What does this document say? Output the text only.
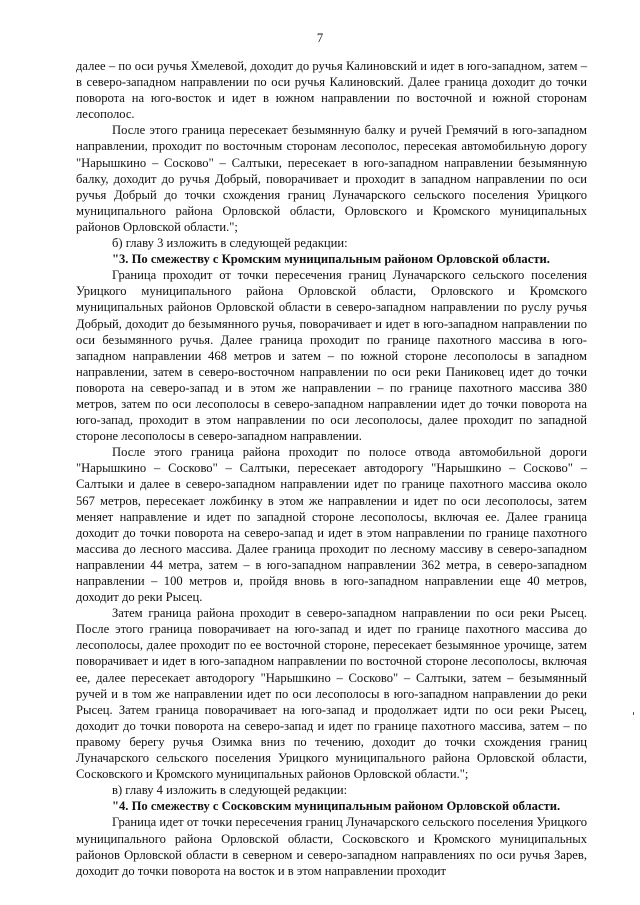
7

далее – по оси ручья Хмелевой, доходит до ручья Калиновский и идет в юго-западном, затем – в северо-западном направлении по оси ручья Калиновский. Далее граница доходит до точки поворота на юго-восток и идет в южном направлении по восточной и южной сторонам лесополос.

После этого граница пересекает безымянную балку и ручей Гремячий в юго-западном направлении, проходит по восточным сторонам лесополос, пересекая автомобильную дорогу "Нарышкино – Сосково" – Салтыки, пересекает в юго-западном направлении безымянную балку, доходит до ручья Добрый, поворачивает и проходит в западном направлении по оси ручья Добрый до точки схождения границ Луначарского сельского поселения Урицкого муниципального района Орловской области, Орловского и Кромского муниципальных районов Орловской области.";

б) главу 3 изложить в следующей редакции:

"3. По смежеству с Кромским муниципальным районом Орловской области.

Граница проходит от точки пересечения границ Луначарского сельского поселения Урицкого муниципального района Орловской области, Орловского и Кромского муниципальных районов Орловской области в северо-западном направлении по руслу ручья Добрый, доходит до безымянного ручья, поворачивает и идет в юго-западном направлении по оси безымянного ручья. Далее граница проходит по границе пахотного массива в юго-западном направлении 468 метров и затем – по южной стороне лесополосы в западном направлении, затем в северо-восточном направлении по оси реки Паниковец идет до точки поворота на северо-запад и в этом же направлении – по границе пахотного массива 380 метров, затем по оси лесополосы в северо-западном направлении идет до точки поворота на юго-запад, проходит в этом направлении по оси лесополосы, далее проходит по западной стороне лесополосы в северо-западном направлении.

После этого граница района проходит по полосе отвода автомобильной дороги "Нарышкино – Сосково" – Салтыки, пересекает автодорогу "Нарышкино – Сосково" – Салтыки и далее в северо-западном направлении идет по границе пахотного массива около 567 метров, пересекает ложбинку в этом же направлении и идет по оси лесополосы, затем меняет направление и идет по западной стороне лесополосы, включая ее. Далее граница доходит до точки поворота на северо-запад и идет в этом направлении по границе пахотного массива до лесного массива. Далее граница проходит по лесному массиву в северо-западном направлении 44 метра, затем – в юго-западном направлении 362 метра, в северо-западном направлении – 100 метров и, пройдя вновь в юго-западном направлении еще 40 метров, доходит до реки Рысец.

Затем граница района проходит в северо-западном направлении по оси реки Рысец. После этого граница поворачивает на юго-запад и идет по границе пахотного массива до лесополосы, далее проходит по ее восточной стороне, пересекает безымянное урочище, затем поворачивает и идет в юго-западном направлении по восточной стороне лесополосы, включая ее, далее пересекает автодорогу "Нарышкино – Сосково" – Салтыки, затем – безымянный ручей и в том же направлении идет по оси лесополосы в юго-западном направлении до реки Рысец. Затем граница поворачивает на юго-запад и продолжает идти по оси реки Рысец, доходит до точки поворота на северо-запад и идет по границе пахотного массива, затем – по правому берегу ручья Озимка вниз по течению, доходит до точки схождения границ Луначарского сельского поселения Урицкого муниципального района Орловской области, Сосковского и Кромского муниципальных районов Орловской области.";

в) главу 4 изложить в следующей редакции:

"4. По смежеству с Сосковским муниципальным районом Орловской области.

Граница идет от точки пересечения границ Луначарского сельского поселения Урицкого муниципального района Орловской области, Сосковского и Кромского муниципальных районов Орловской области в северном и северо-западном направлениях по оси ручья Зарев, доходит до точки поворота на восток и в этом направлении проходит
